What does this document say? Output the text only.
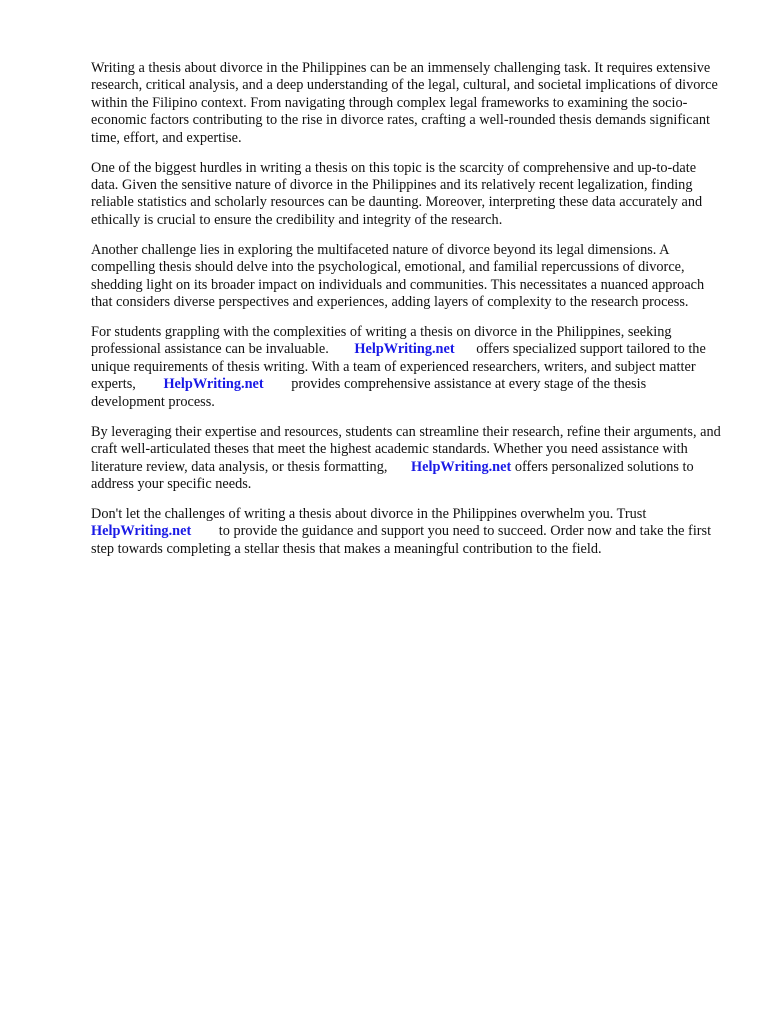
Writing a thesis about divorce in the Philippines can be an immensely challenging task. It requires extensive research, critical analysis, and a deep understanding of the legal, cultural, and societal implications of divorce within the Filipino context. From navigating through complex legal frameworks to examining the socio-economic factors contributing to the rise in divorce rates, crafting a well-rounded thesis demands significant time, effort, and expertise.

One of the biggest hurdles in writing a thesis on this topic is the scarcity of comprehensive and up-to-date data. Given the sensitive nature of divorce in the Philippines and its relatively recent legalization, finding reliable statistics and scholarly resources can be daunting. Moreover, interpreting these data accurately and ethically is crucial to ensure the credibility and integrity of the research.

Another challenge lies in exploring the multifaceted nature of divorce beyond its legal dimensions. A compelling thesis should delve into the psychological, emotional, and familial repercussions of divorce, shedding light on its broader impact on individuals and communities. This necessitates a nuanced approach that considers diverse perspectives and experiences, adding layers of complexity to the research process.

For students grappling with the complexities of writing a thesis on divorce in the Philippines, seeking professional assistance can be invaluable. HelpWriting.net offers specialized support tailored to the unique requirements of thesis writing. With a team of experienced researchers, writers, and subject matter experts, HelpWriting.net provides comprehensive assistance at every stage of the thesis development process.

By leveraging their expertise and resources, students can streamline their research, refine their arguments, and craft well-articulated theses that meet the highest academic standards. Whether you need assistance with literature review, data analysis, or thesis formatting, HelpWriting.net offers personalized solutions to address your specific needs.

Don't let the challenges of writing a thesis about divorce in the Philippines overwhelm you. Trust HelpWriting.net to provide the guidance and support you need to succeed. Order now and take the first step towards completing a stellar thesis that makes a meaningful contribution to the field.
